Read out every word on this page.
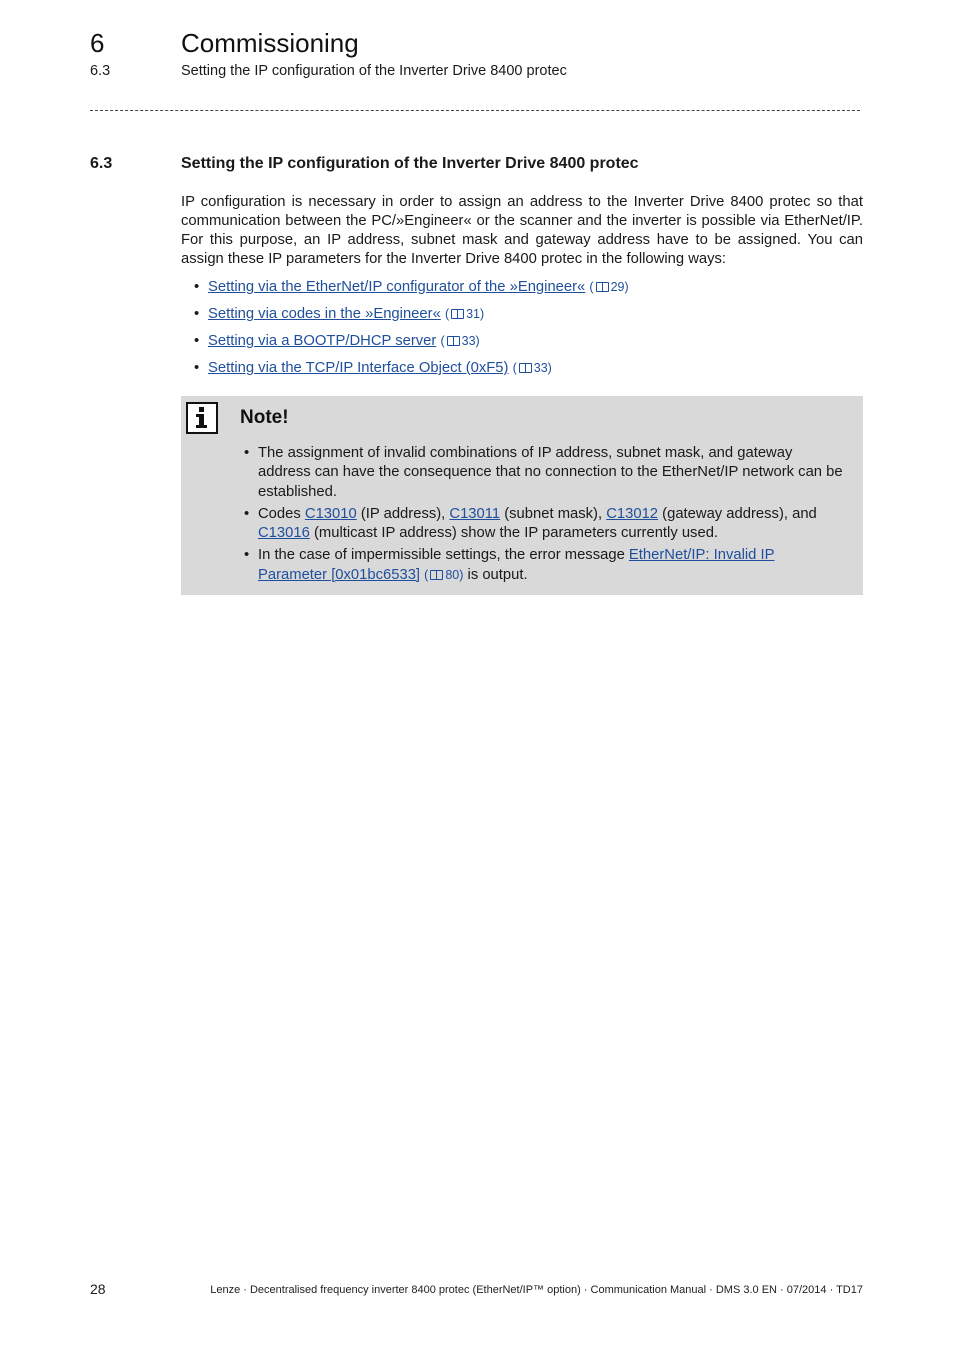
6	Commissioning
6.3	Setting the IP configuration of the Inverter Drive 8400 protec
6.3	Setting the IP configuration of the Inverter Drive 8400 protec
IP configuration is necessary in order to assign an address to the Inverter Drive 8400 protec so that communication between the PC/»Engineer« or the scanner and the inverter is possible via EtherNet/IP. For this purpose, an IP address, subnet mask and gateway address have to be assigned. You can assign these IP parameters for the Inverter Drive 8400 protec in the following ways:
• Setting via the EtherNet/IP configurator of the »Engineer« ( 29)
• Setting via codes in the »Engineer« ( 31)
• Setting via a BOOTP/DHCP server ( 33)
• Setting via the TCP/IP Interface Object (0xF5) ( 33)
Note!
• The assignment of invalid combinations of IP address, subnet mask, and gateway address can have the consequence that no connection to the EtherNet/IP network can be established.
• Codes C13010 (IP address), C13011 (subnet mask), C13012 (gateway address), and C13016 (multicast IP address) show the IP parameters currently used.
• In the case of impermissible settings, the error message EtherNet/IP: Invalid IP Parameter [0x01bc6533] ( 80) is output.
28	Lenze · Decentralised frequency inverter 8400 protec (EtherNet/IP™ option) · Communication Manual · DMS 3.0 EN · 07/2014 · TD17
